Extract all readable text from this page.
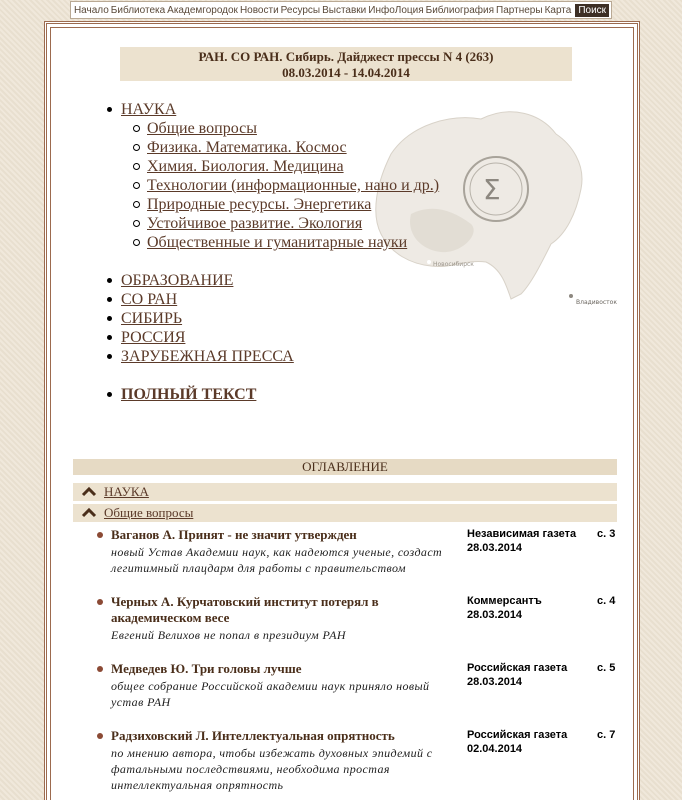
Начало Библиотека Академгородок Новости Ресурсы Выставки ИнфоЛоция Библиография Партнеры Карта Поиск
РАН. СО РАН. Сибирь. Дайджест прессы N 4 (263)
08.03.2014 - 14.04.2014
Σ
Новосибирск
Владивосток
НАУКА
Общие вопросы
Физика. Математика. Космос
Химия. Биология. Медицина
Технологии (информационные, нано и др.)
Природные ресурсы. Энергетика
Устойчивое развитие. Экология
Общественные и гуманитарные науки
ОБРАЗОВАНИЕ
СО РАН
СИБИРЬ
РОССИЯ
ЗАРУБЕЖНАЯ ПРЕССА
ПОЛНЫЙ ТЕКСТ
ОГЛАВЛЕНИЕ
НАУКА
Общие вопросы
Ваганов А. Принят - не значит утвержден
новый Устав Академии наук, как надеются ученые, создаст легитимный плацдарм для работы с правительством
Независимая газета
28.03.2014
с. 3
Черных А. Курчатовский институт потерял в академическом весе
Евгений Велихов не попал в президиум РАН
Коммерсантъ
28.03.2014
с. 4
Медведев Ю. Три головы лучше
общее собрание Российской академии наук приняло новый устав РАН
Российская газета
28.03.2014
с. 5
Радзиховский Л. Интеллектуальная опрятность
по мнению автора, чтобы избежать духовных эпидемий с фатальными последствиями, необходима простая интеллектуальная опрятность
Российская газета
02.04.2014
с. 7
